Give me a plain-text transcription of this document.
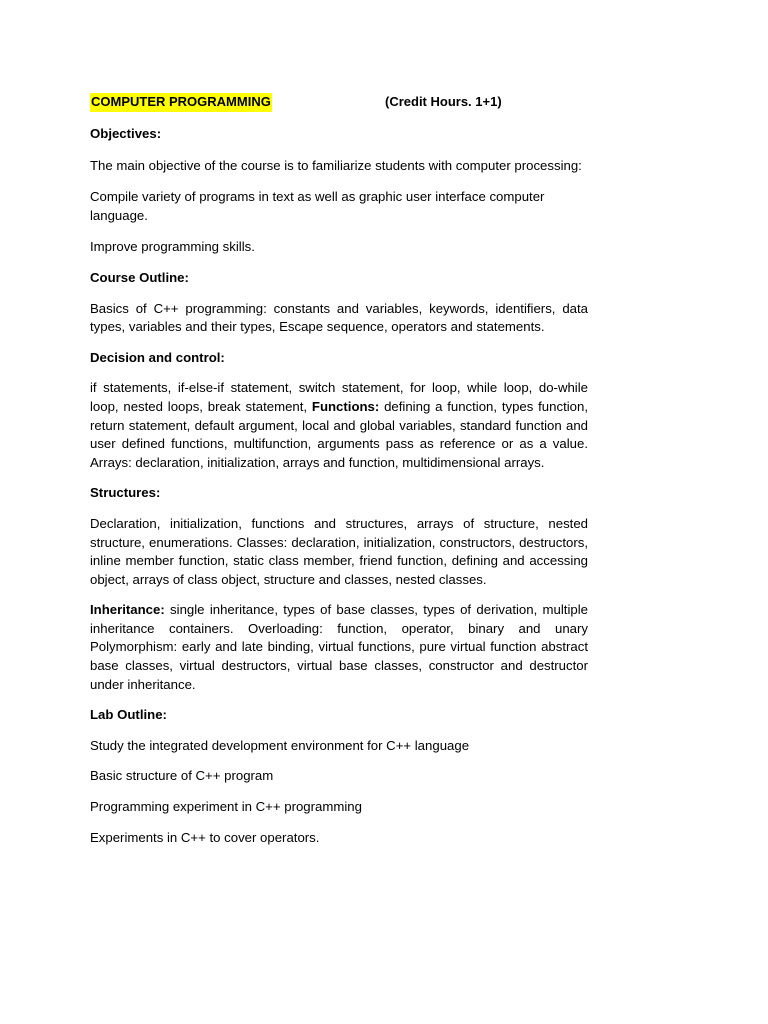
COMPUTER PROGRAMMING	(Credit Hours. 1+1)

Objectives:

The main objective of the course is to familiarize students with computer processing:

Compile variety of programs in text as well as graphic user interface computer language.

Improve programming skills.

Course Outline:

Basics of C++ programming: constants and variables, keywords, identifiers, data types, variables and their types, Escape sequence, operators and statements.

Decision and control:

if statements, if-else-if statement, switch statement, for loop, while loop, do-while loop, nested loops, break statement, Functions: defining a function, types function, return statement, default argument, local and global variables, standard function and user defined functions, multifunction, arguments pass as reference or as a value. Arrays: declaration, initialization, arrays and function, multidimensional arrays.

Structures:

Declaration, initialization, functions and structures, arrays of structure, nested structure, enumerations. Classes: declaration, initialization, constructors, destructors, inline member function, static class member, friend function, defining and accessing object, arrays of class object, structure and classes, nested classes.

Inheritance: single inheritance, types of base classes, types of derivation, multiple inheritance containers. Overloading: function, operator, binary and unary Polymorphism: early and late binding, virtual functions, pure virtual function abstract base classes, virtual destructors, virtual base classes, constructor and destructor under inheritance.

Lab Outline:

Study the integrated development environment for C++ language

Basic structure of C++ program

Programming experiment in C++ programming

Experiments in C++ to cover operators.
